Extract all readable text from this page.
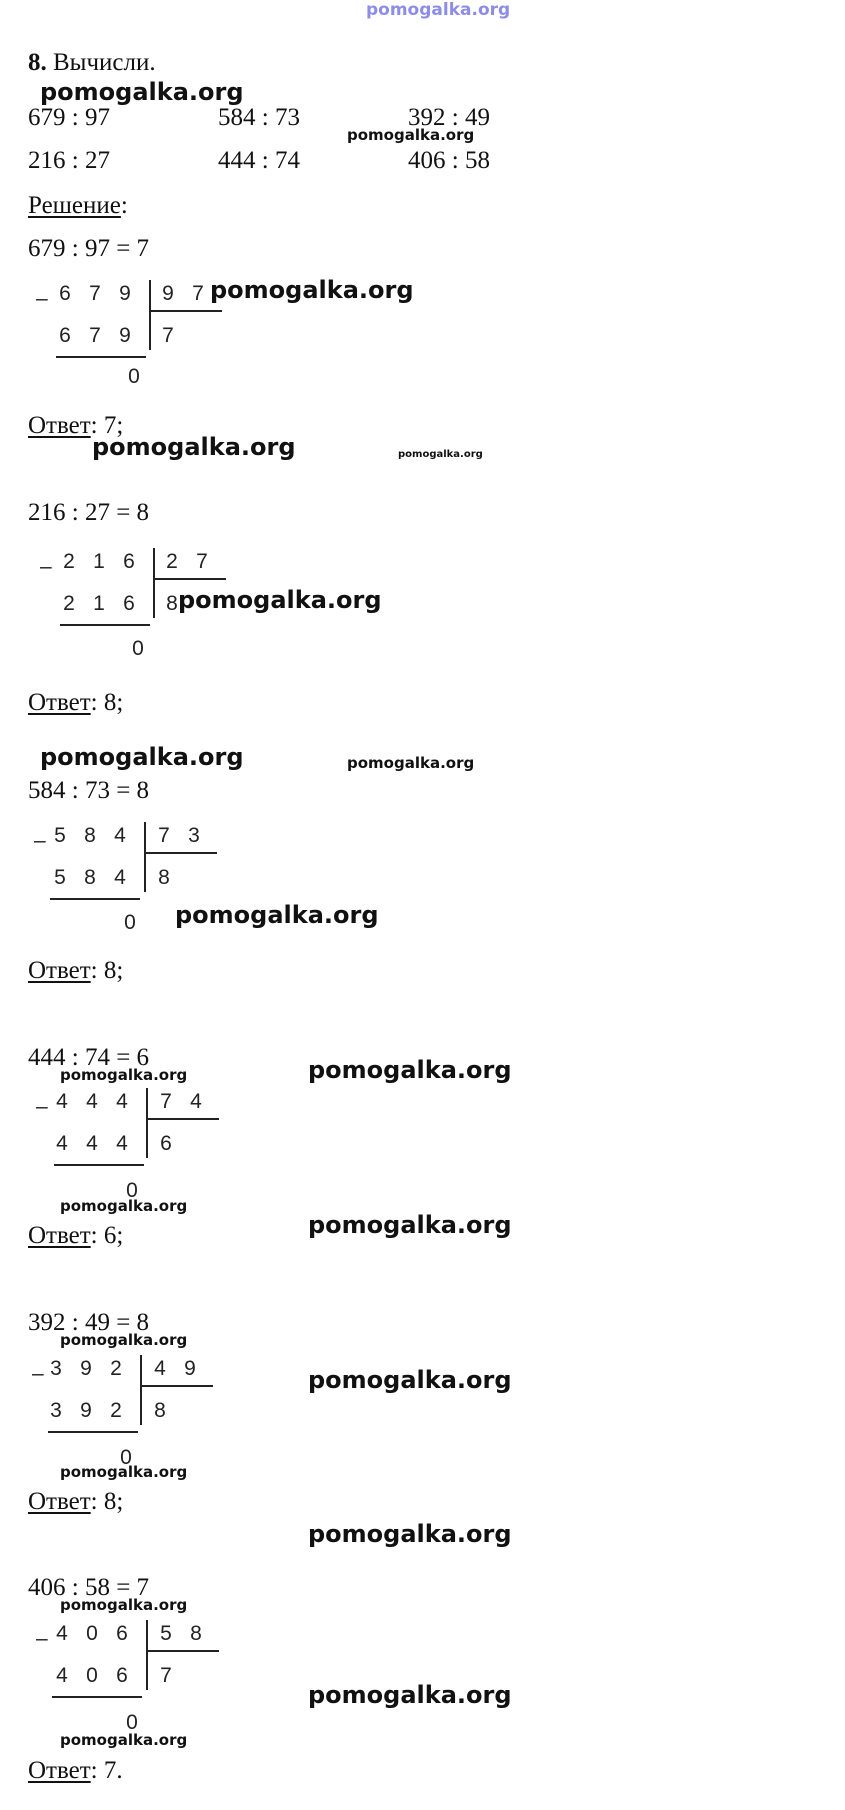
pomogalka.org
8. Вычисли.
pomogalka.org
679 : 97	584 : 73	392 : 49
pomogalka.org
216 : 27	444 : 74	406 : 58
Решение:
679 : 97 = 7
– 6 7 9 9 7
6 7 9 7
0
pomogalka.org
Ответ: 7;
pomogalka.org	pomogalka.org
216 : 27 = 8
– 2 1 6 2 7
2 1 6 8
0
pomogalka.org
Ответ: 8;
pomogalka.org	pomogalka.org
584 : 73 = 8
– 5 8 4 7 3
5 8 4 8
0 pomogalka.org
Ответ: 8;
444 : 74 = 6
pomogalka.org	pomogalka.org
– 4 4 4 7 4
4 4 4 6
0
pomogalka.org
pomogalka.org
Ответ: 6;
392 : 49 = 8
pomogalka.org
pomogalka.org
– 3 9 2 4 9
3 9 2 8
0
pomogalka.org
Ответ: 8;
pomogalka.org
406 : 58 = 7
pomogalka.org
– 4 0 6 5 8
4 0 6 7
0
pomogalka.org
pomogalka.org
Ответ: 7.
